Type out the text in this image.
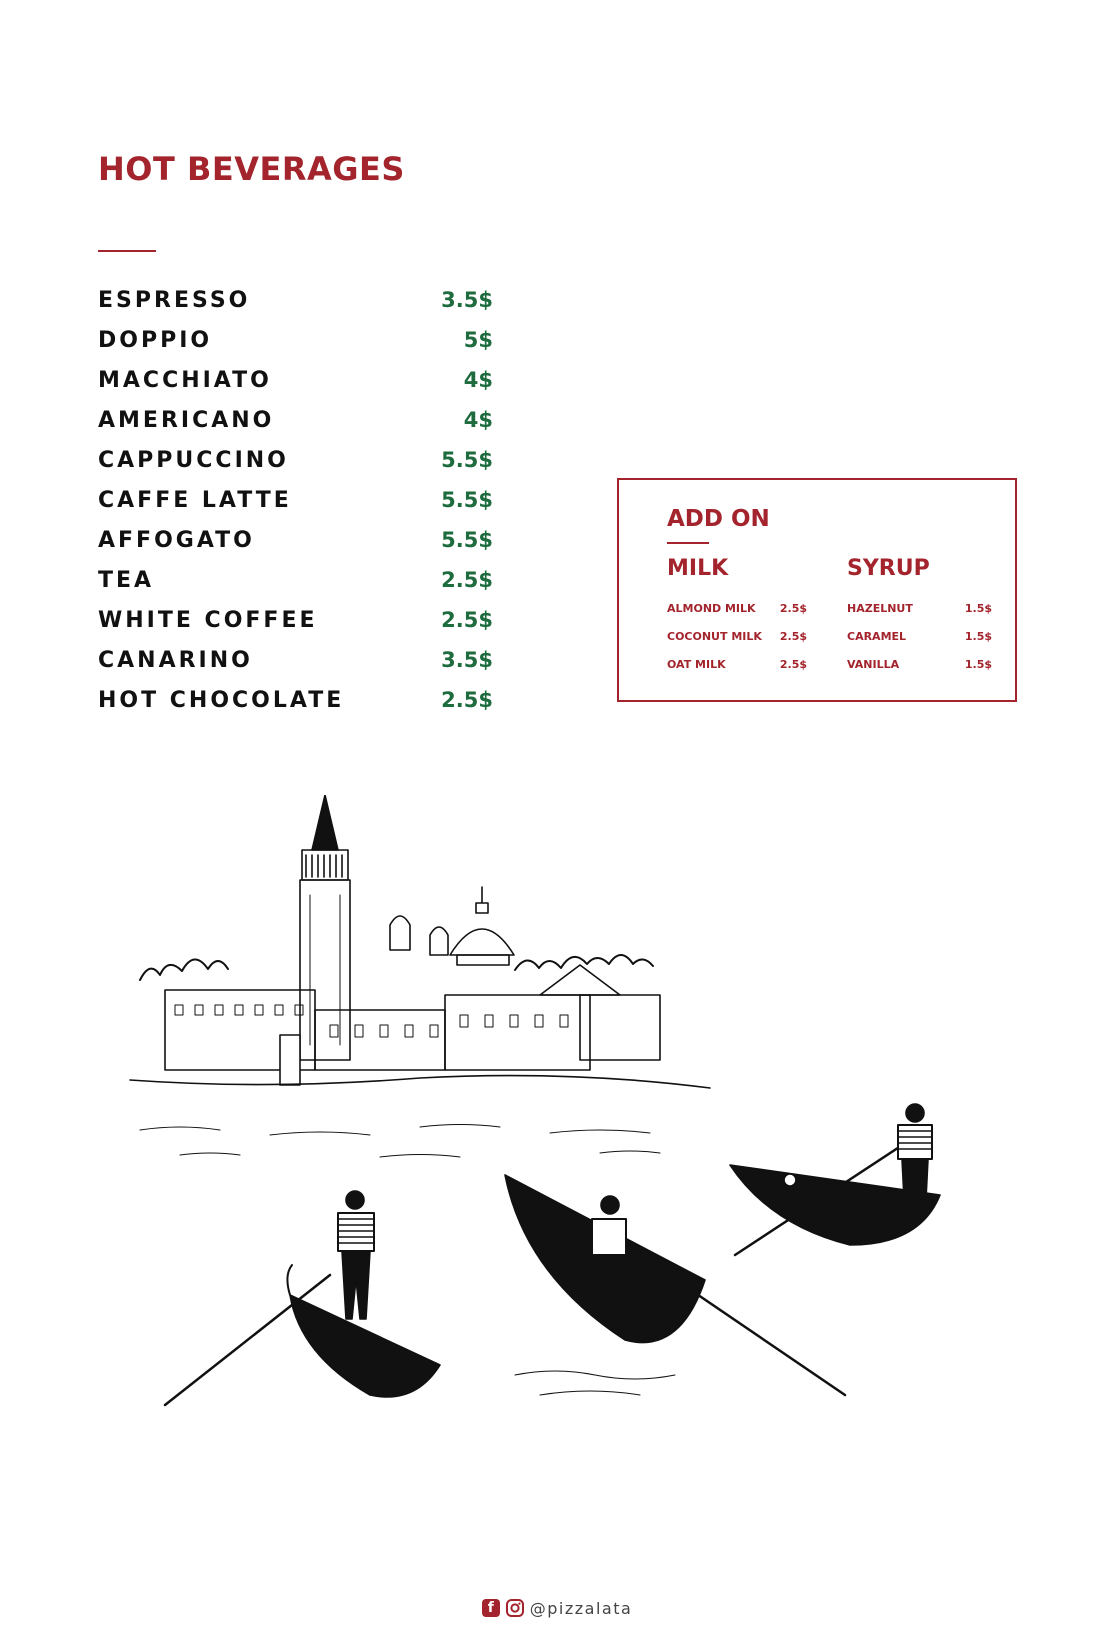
HOT BEVERAGES
ESPRESSO	3.5$
DOPPIO	5$
MACCHIATO	4$
AMERICANO	4$
CAPPUCCINO	5.5$
CAFFE LATTE	5.5$
AFFOGATO	5.5$
TEA	2.5$
WHITE COFFEE	2.5$
CANARINO	3.5$
HOT CHOCOLATE	2.5$
ADD ON
MILK
ALMOND MILK 2.5$
COCONUT MILK 2.5$
OAT MILK	2.5$
SYRUP
HAZELNUT	1.5$
CARAMEL	1.5$
VANILLA	1.5$
f	@pizzalata
